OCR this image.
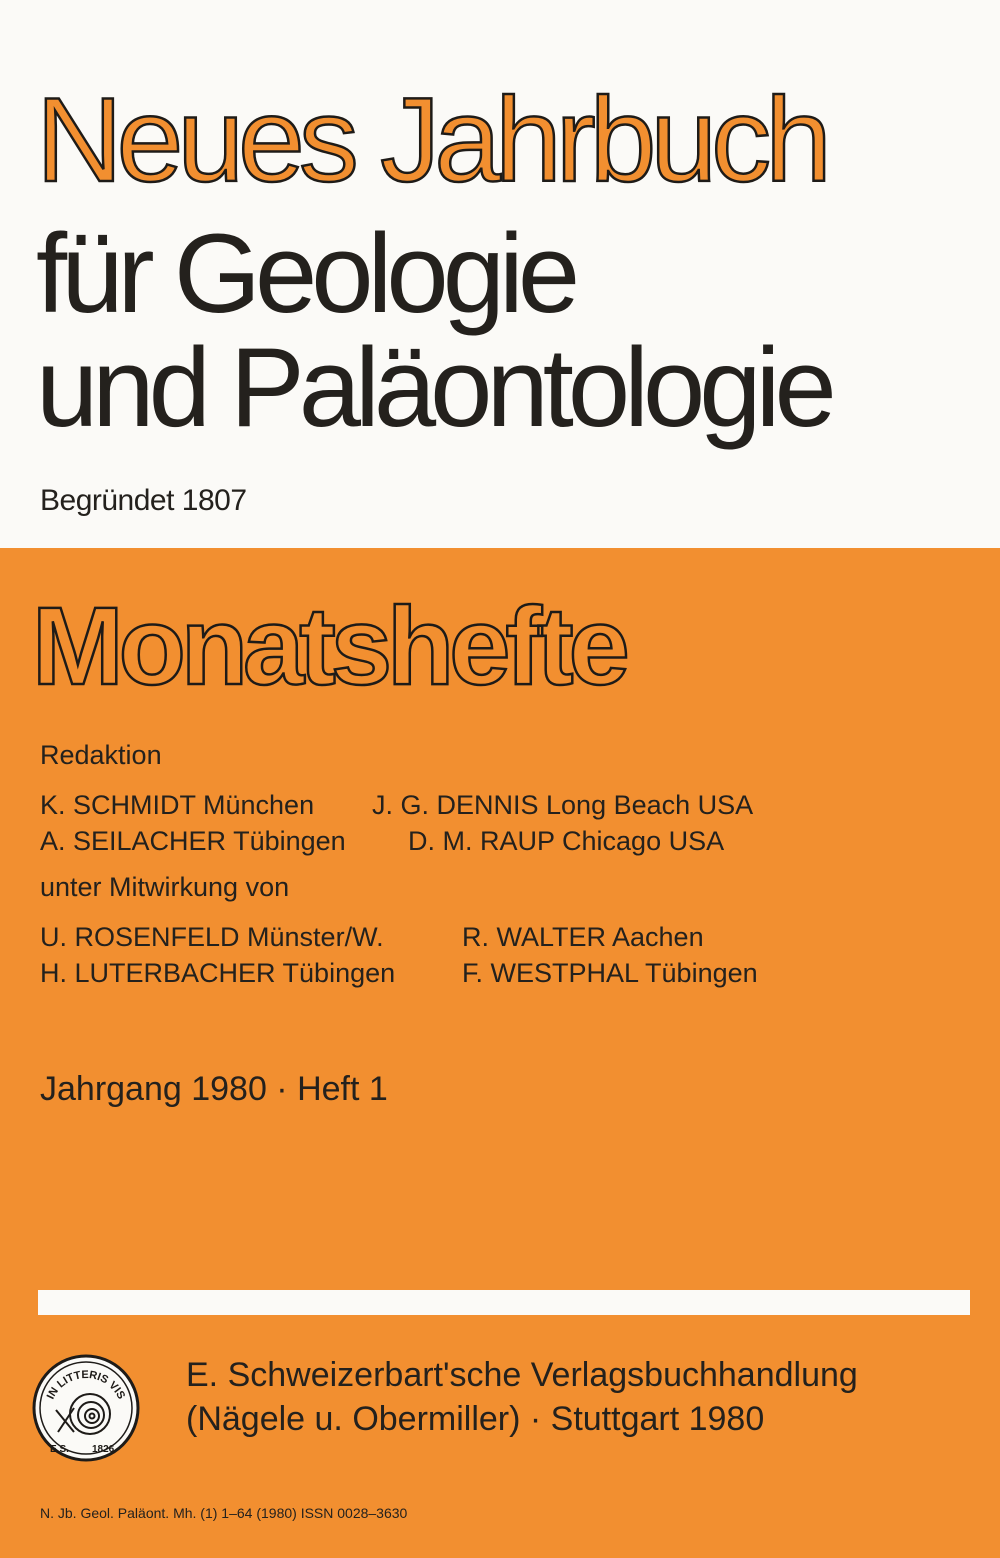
Neues Jahrbuch
für Geologie
und Paläontologie

Begründet 1807

Monatshefte

Redaktion

K. SCHMIDT München J. G. DENNIS Long Beach USA
A. SEILACHER Tübingen D. M. RAUP Chicago USA

unter Mitwirkung von

U. ROSENFELD Münster/W.	R. WALTER Aachen
H. LUTERBACHER Tübingen F. WESTPHAL Tübingen
Jahrgang 1980 · Heft 1
IN LITTERIS VIS
E.S. 1826
E. Schweizerbart'sche Verlagsbuchhandlung
(Nägele u. Obermiller) · Stuttgart 1980
N. Jb. Geol. Paläont. Mh. (1) 1–64 (1980) ISSN 0028–3630
